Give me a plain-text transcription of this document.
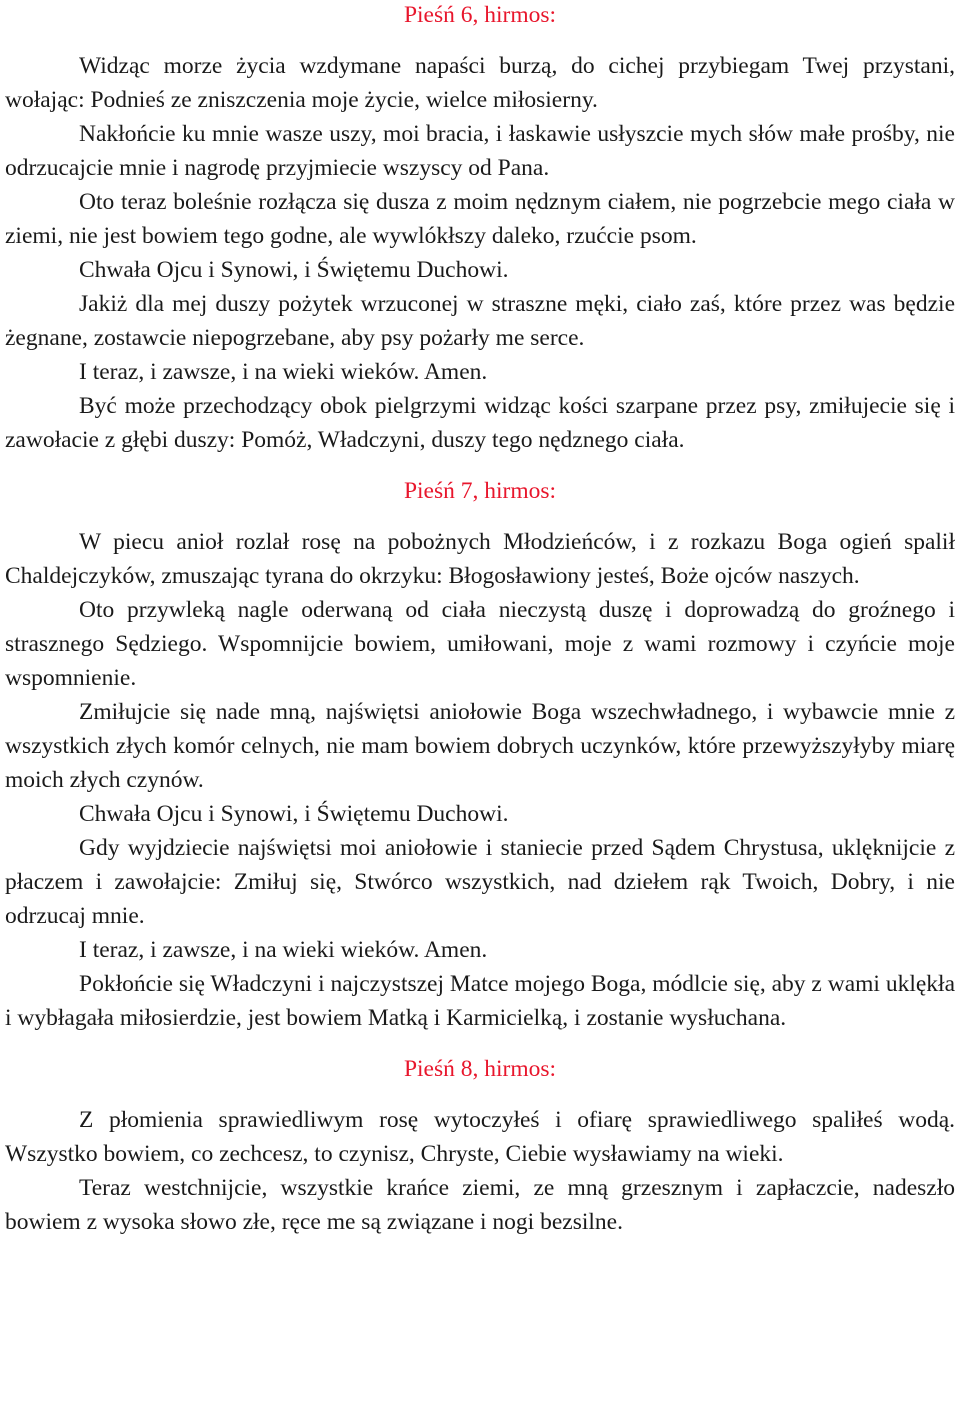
Pieśń 6, hirmos:

Widząc morze życia wzdymane napaści burzą, do cichej przybiegam Twej przystani, wołając: Podnieś ze zniszczenia moje życie, wielce miłosierny.

Nakłońcie ku mnie wasze uszy, moi bracia, i łaskawie usłyszcie mych słów małe prośby, nie odrzucajcie mnie i nagrodę przyjmiecie wszyscy od Pana.

Oto teraz boleśnie rozłącza się dusza z moim nędznym ciałem, nie pogrzebcie mego ciała w ziemi, nie jest bowiem tego godne, ale wywlókłszy daleko, rzućcie psom.

Chwała Ojcu i Synowi, i Świętemu Duchowi.

Jakiż dla mej duszy pożytek wrzuconej w straszne męki, ciało zaś, które przez was będzie żegnane, zostawcie niepogrzebane, aby psy pożarły me serce.

I teraz, i zawsze, i na wieki wieków. Amen.

Być może przechodzący obok pielgrzymi widząc kości szarpane przez psy, zmiłujecie się i zawołacie z głębi duszy: Pomóż, Władczyni, duszy tego nędznego ciała.

Pieśń 7, hirmos:

W piecu anioł rozlał rosę na pobożnych Młodzieńców, i z rozkazu Boga ogień spalił Chaldejczyków, zmuszając tyrana do okrzyku: Błogosławiony jesteś, Boże ojców naszych.

Oto przywleką nagle oderwaną od ciała nieczystą duszę i doprowadzą do groźnego i strasznego Sędziego. Wspomnijcie bowiem, umiłowani, moje z wami rozmowy i czyńcie moje wspomnienie.

Zmiłujcie się nade mną, najświętsi aniołowie Boga wszechwładnego, i wybawcie mnie z wszystkich złych komór celnych, nie mam bowiem dobrych uczynków, które przewyższyłyby miarę moich złych czynów.

Chwała Ojcu i Synowi, i Świętemu Duchowi.

Gdy wyjdziecie najświętsi moi aniołowie i staniecie przed Sądem Chrystusa, uklęknijcie z płaczem i zawołajcie: Zmiłuj się, Stwórco wszystkich, nad dziełem rąk Twoich, Dobry, i nie odrzucaj mnie.

I teraz, i zawsze, i na wieki wieków. Amen.

Pokłońcie się Władczyni i najczystszej Matce mojego Boga, módlcie się, aby z wami uklękła i wybłagała miłosierdzie, jest bowiem Matką i Karmicielką, i zostanie wysłuchana.

Pieśń 8, hirmos:

Z płomienia sprawiedliwym rosę wytoczyłeś i ofiarę sprawiedliwego spaliłeś wodą. Wszystko bowiem, co zechcesz, to czynisz, Chryste, Ciebie wysławiamy na wieki.

Teraz westchnijcie, wszystkie krańce ziemi, ze mną grzesznym i zapłaczcie, nadeszło bowiem z wysoka słowo złe, ręce me są związane i nogi bezsilne.
